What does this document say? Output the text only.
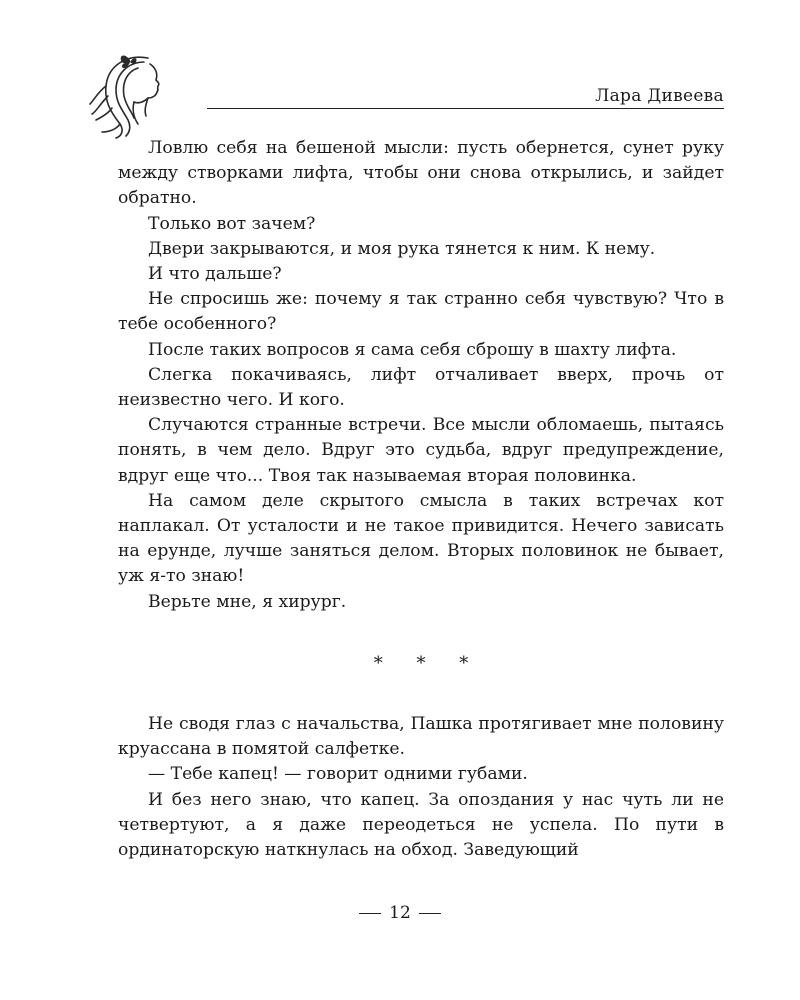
Лара Дивеева

Ловлю себя на бешеной мысли: пусть обернется, сунет руку между створками лифта, чтобы они снова открылись, и зайдет обратно.

Только вот зачем?

Двери закрываются, и моя рука тянется к ним. К нему.

И что дальше?

Не спросишь же: почему я так странно себя чувствую? Что в тебе особенного?

После таких вопросов я сама себя сброшу в шахту лифта.

Слегка покачиваясь, лифт отчаливает вверх, прочь от неизвестно чего. И кого.

Случаются странные встречи. Все мысли обломаешь, пытаясь понять, в чем дело. Вдруг это судьба, вдруг предупреждение, вдруг еще что... Твоя так называемая вторая половинка.

На самом деле скрытого смысла в таких встречах кот наплакал. От усталости и не такое привидится. Нечего зависать на ерунде, лучше заняться делом. Вторых половинок не бывает, уж я-то знаю!

Верьте мне, я хирург.

* * *

Не сводя глаз с начальства, Пашка протягивает мне половину круассана в помятой салфетке.

— Тебе капец! — говорит одними губами.

И без него знаю, что капец. За опоздания у нас чуть ли не четвертуют, а я даже переодеться не успела. По пути в ординаторскую наткнулась на обход. Заведующий

12
